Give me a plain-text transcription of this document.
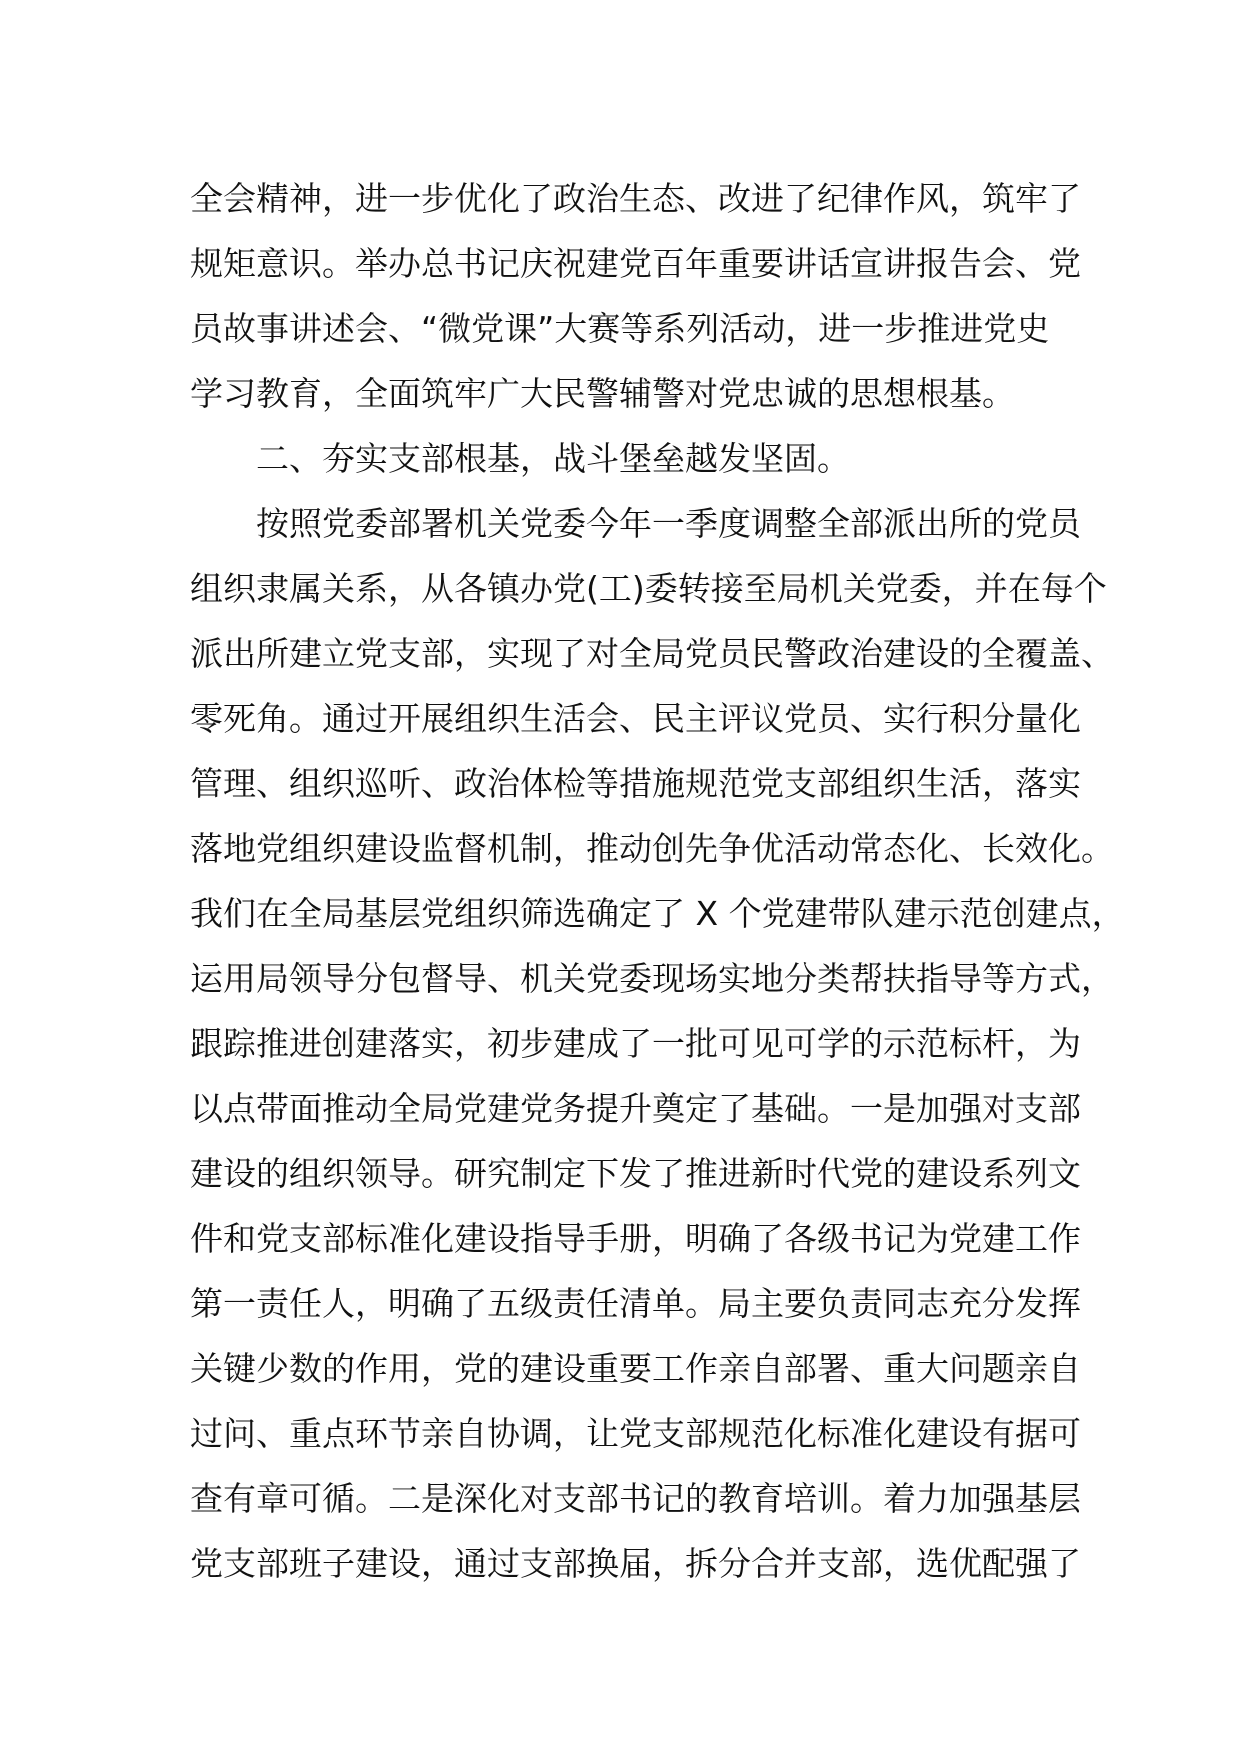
全会精神，进一步优化了政治生态、改进了纪律作风，筑牢了
规矩意识。举办总书记庆祝建党百年重要讲话宣讲报告会、党
员故事讲述会、“微党课”大赛等系列活动，进一步推进党史
学习教育，全面筑牢广大民警辅警对党忠诚的思想根基。
二、夯实支部根基，战斗堡垒越发坚固。
按照党委部署机关党委今年一季度调整全部派出所的党员
组织隶属关系，从各镇办党(工)委转接至局机关党委，并在每个
派出所建立党支部，实现了对全局党员民警政治建设的全覆盖、
零死角。通过开展组织生活会、民主评议党员、实行积分量化
管理、组织巡听、政治体检等措施规范党支部组织生活，落实
落地党组织建设监督机制，推动创先争优活动常态化、长效化。
我们在全局基层党组织筛选确定了 X 个党建带队建示范创建点，
运用局领导分包督导、机关党委现场实地分类帮扶指导等方式，
跟踪推进创建落实，初步建成了一批可见可学的示范标杆，为
以点带面推动全局党建党务提升奠定了基础。一是加强对支部
建设的组织领导。研究制定下发了推进新时代党的建设系列文
件和党支部标准化建设指导手册，明确了各级书记为党建工作
第一责任人，明确了五级责任清单。局主要负责同志充分发挥
关键少数的作用，党的建设重要工作亲自部署、重大问题亲自
过问、重点环节亲自协调，让党支部规范化标准化建设有据可
查有章可循。二是深化对支部书记的教育培训。着力加强基层
党支部班子建设，通过支部换届，拆分合并支部，选优配强了
